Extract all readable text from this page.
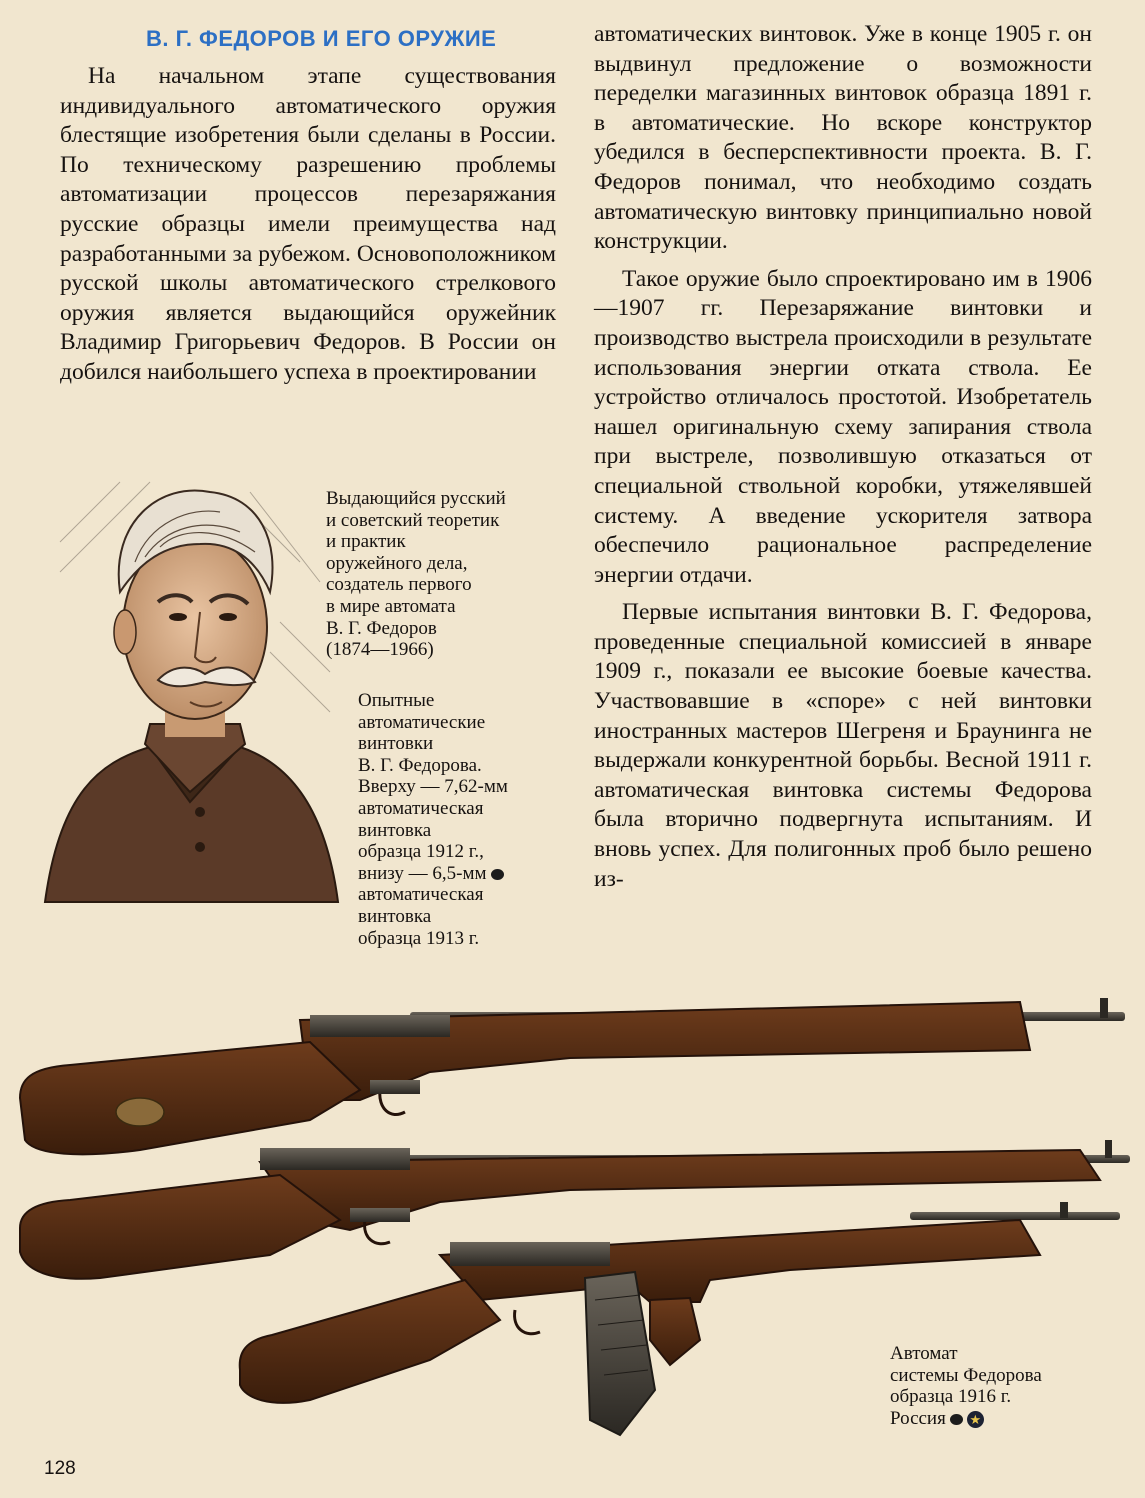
В. Г. ФЕДОРОВ И ЕГО ОРУЖИЕ

На начальном этапе существования индивидуального автоматического оружия блестящие изобретения были сделаны в России. По техническому разрешению проблемы автоматизации процессов перезаряжания русские образцы имели преимущества над разработанными за рубежом. Основоположником русской школы автоматического стрелкового оружия является выдающийся оружейник Владимир Григорьевич Федоров. В России он добился наибольшего успеха в проектировании

автоматических винтовок. Уже в конце 1905 г. он выдвинул предложение о возможности переделки магазинных винтовок образца 1891 г. в автоматические. Но вскоре конструктор убедился в бесперспективности проекта. В. Г. Федоров понимал, что необходимо создать автоматическую винтовку принципиально новой конструкции.

Такое оружие было спроектировано им в 1906—1907 гг. Перезаряжание винтовки и производство выстрела происходили в результате использования энергии отката ствола. Ее устройство отличалось простотой. Изобретатель нашел оригинальную схему запирания ствола при выстреле, позволившую отказаться от специальной ствольной коробки, утяжелявшей систему. А введение ускорителя затвора обеспечило рациональное распределение энергии отдачи.

Первые испытания винтовки В. Г. Федорова, проведенные специальной комиссией в январе 1909 г., показали ее высокие боевые качества. Участвовавшие в «споре» с ней винтовки иностранных мастеров Шегреня и Браунинга не выдержали конкурентной борьбы. Весной 1911 г. автоматическая винтовка системы Федорова была вторично подвергнута испытаниям. И вновь успех. Для полигонных проб было решено из-

Выдающийся русский
и советский теоретик
и практик
оружейного дела,
создатель первого
в мире автомата
В. Г. Федоров
(1874—1966)
Опытные
автоматические
винтовки
В. Г. Федорова.
Вверху — 7,62-мм
автоматическая
винтовка
образца 1912 г.,
внизу — 6,5-мм
автоматическая
винтовка
образца 1913 г.
Автомат
системы Федорова
образца 1916 г.
Россия ★
128
